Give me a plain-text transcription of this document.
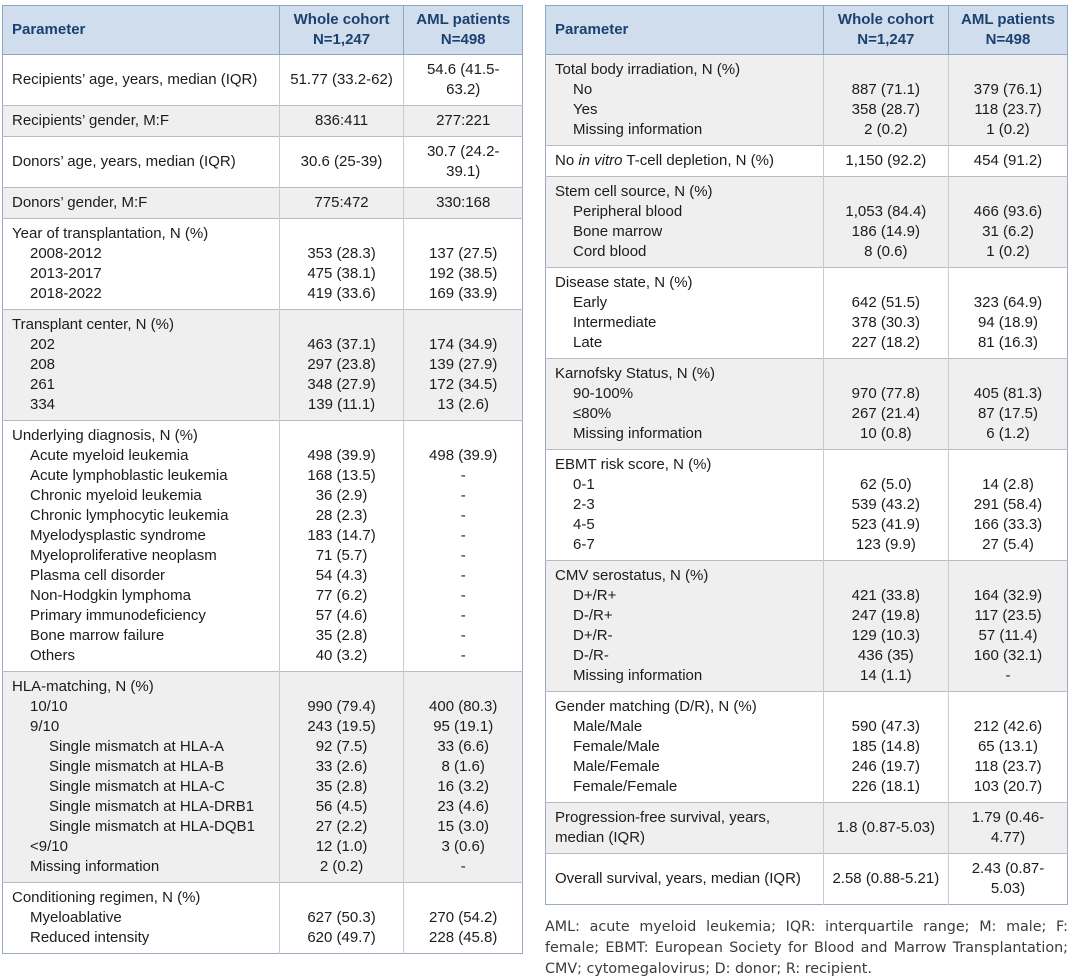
Parameter	
Whole cohort
N=1,247

AML patients
N=498

Recipients’ age, years, median (IQR)	51.77 (33.2-62)	54.6 (41.5-63.2)
Recipients’ gender, M:F	836:411	277:221
Donors’ age, years, median (IQR)	30.6 (25-39)	30.7 (24.2-39.1)
Donors’ gender, M:F	775:472	330:168
Year of transplantation, N (%)		
2008-2012	353 (28.3)	137 (27.5)
2013-2017	475 (38.1)	192 (38.5)
2018-2022	419 (33.6)	169 (33.9)
Transplant center, N (%)		
202	463 (37.1)	174 (34.9)
208	297 (23.8)	139 (27.9)
261	348 (27.9)	172 (34.5)
334	139 (11.1)	13 (2.6)
Underlying diagnosis, N (%)		
Acute myeloid leukemia	498 (39.9)	498 (39.9)
Acute lymphoblastic leukemia	168 (13.5)	-
Chronic myeloid leukemia	36 (2.9)	-
Chronic lymphocytic leukemia	28 (2.3)	-
Myelodysplastic syndrome	183 (14.7)	-
Myeloproliferative neoplasm	71 (5.7)	-
Plasma cell disorder	54 (4.3)	-
Non-Hodgkin lymphoma	77 (6.2)	-
Primary immunodeficiency	57 (4.6)	-
Bone marrow failure	35 (2.8)	-
Others	40 (3.2)	-
HLA-matching, N (%)		
10/10	990 (79.4)	400 (80.3)
9/10	243 (19.5)	95 (19.1)
Single mismatch at HLA-A	92 (7.5)	33 (6.6)
Single mismatch at HLA-B	33 (2.6)	8 (1.6)
Single mismatch at HLA-C	35 (2.8)	16 (3.2)
Single mismatch at HLA-DRB1	56 (4.5)	23 (4.6)
Single mismatch at HLA-DQB1	27 (2.2)	15 (3.0)
<9/10	12 (1.0)	3 (0.6)
Missing information	2 (0.2)	-
Conditioning regimen, N (%)		
Myeloablative	627 (50.3)	270 (54.2)
Reduced intensity	620 (49.7)	228 (45.8)
Parameter	
Whole cohort
N=1,247

AML patients
N=498

Total body irradiation, N (%)		
No	887 (71.1)	379 (76.1)
Yes	358 (28.7)	118 (23.7)
Missing information	2 (0.2)	1 (0.2)
No in vitro T-cell depletion, N (%)	1,150 (92.2)	454 (91.2)
Stem cell source, N (%)		
Peripheral blood	1,053 (84.4)	466 (93.6)
Bone marrow	186 (14.9)	31 (6.2)
Cord blood	8 (0.6)	1 (0.2)
Disease state, N (%)		
Early	642 (51.5)	323 (64.9)
Intermediate	378 (30.3)	94 (18.9)
Late	227 (18.2)	81 (16.3)
Karnofsky Status, N (%)		
90-100%	970 (77.8)	405 (81.3)
≤80%	267 (21.4)	87 (17.5)
Missing information	10 (0.8)	6 (1.2)
EBMT risk score, N (%)		
0-1	62 (5.0)	14 (2.8)
2-3	539 (43.2)	291 (58.4)
4-5	523 (41.9)	166 (33.3)
6-7	123 (9.9)	27 (5.4)
CMV serostatus, N (%)		
D+/R+	421 (33.8)	164 (32.9)
D-/R+	247 (19.8)	117 (23.5)
D+/R-	129 (10.3)	57 (11.4)
D-/R-	436 (35)	160 (32.1)
Missing information	14 (1.1)	-
Gender matching (D/R), N (%)		
Male/Male	590 (47.3)	212 (42.6)
Female/Male	185 (14.8)	65 (13.1)
Male/Female	246 (19.7)	118 (23.7)
Female/Female	226 (18.1)	103 (20.7)
Progression-free survival, years, median (IQR)	1.8 (0.87-5.03)	1.79 (0.46-4.77)
Overall survival, years, median (IQR)	2.58 (0.88-5.21)	2.43 (0.87-5.03)

AML: acute myeloid leukemia; IQR: interquartile range; M: male; F: female; EBMT: European Society for Blood and Marrow Transplantation; CMV; cytomegalovirus; D: donor; R: recipient.
